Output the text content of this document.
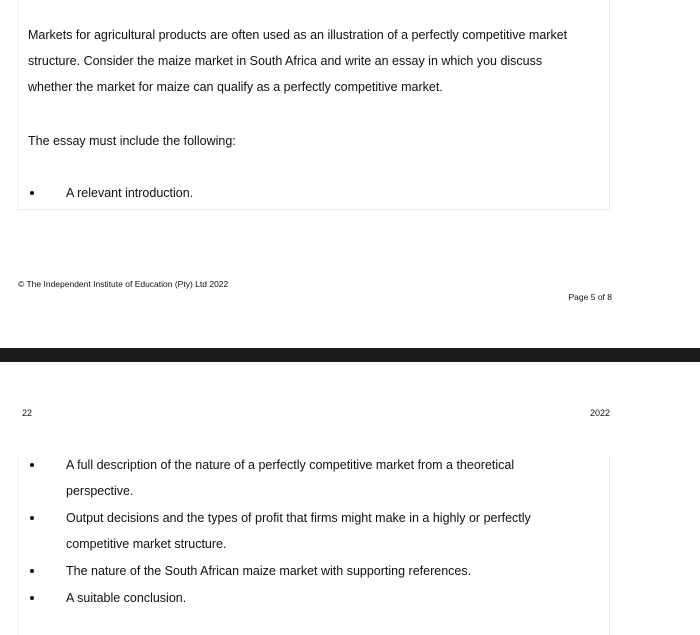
Markets for agricultural products are often used as an illustration of a perfectly competitive market structure. Consider the maize market in South Africa and write an essay in which you discuss whether the market for maize can qualify as a perfectly competitive market.

The essay must include the following:

A relevant introduction.
© The Independent Institute of Education (Pty) Ltd 2022
Page 5 of 8
22	2022
A full description of the nature of a perfectly competitive market from a theoretical perspective.
Output decisions and the types of profit that firms might make in a highly or perfectly competitive market structure.
The nature of the South African maize market with supporting references.
A suitable conclusion.
